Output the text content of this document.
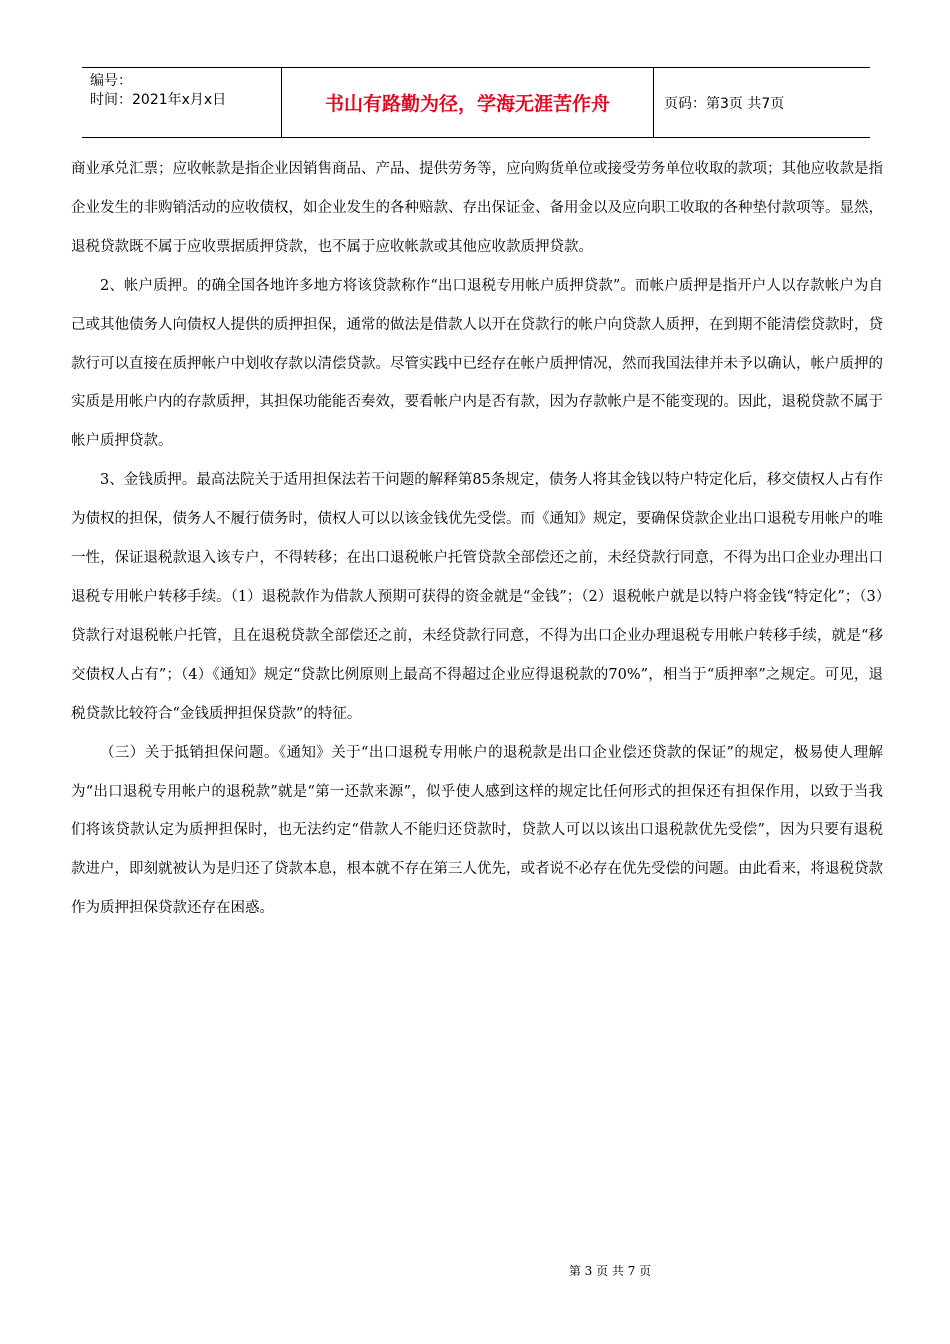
编号：
时间：2021年x月x日	书山有路勤为径，学海无涯苦作舟	页码：第3页 共7页

商业承兑汇票；应收帐款是指企业因销售商品、产品、提供劳务等，应向购货单位或接受劳务单位收取的款项；其他应收款是指企业发生的非购销活动的应收债权，如企业发生的各种赔款、存出保证金、备用金以及应向职工收取的各种垫付款项等。显然，退税贷款既不属于应收票据质押贷款，也不属于应收帐款或其他应收款质押贷款。

2、帐户质押。的确全国各地许多地方将该贷款称作“出口退税专用帐户质押贷款”。而帐户质押是指开户人以存款帐户为自己或其他债务人向债权人提供的质押担保，通常的做法是借款人以开在贷款行的帐户向贷款人质押，在到期不能清偿贷款时，贷款行可以直接在质押帐户中划收存款以清偿贷款。尽管实践中已经存在帐户质押情况，然而我国法律并未予以确认，帐户质押的实质是用帐户内的存款质押，其担保功能能否奏效，要看帐户内是否有款，因为存款帐户是不能变现的。因此，退税贷款不属于帐户质押贷款。

3、金钱质押。最高法院关于适用担保法若干问题的解释第85条规定，债务人将其金钱以特户特定化后，移交债权人占有作为债权的担保，债务人不履行债务时，债权人可以以该金钱优先受偿。而《通知》规定，要确保贷款企业出口退税专用帐户的唯一性，保证退税款退入该专户，不得转移；在出口退税帐户托管贷款全部偿还之前，未经贷款行同意，不得为出口企业办理出口退税专用帐户转移手续。（1）退税款作为借款人预期可获得的资金就是“金钱”；（2）退税帐户就是以特户将金钱“特定化”；（3）贷款行对退税帐户托管，且在退税贷款全部偿还之前，未经贷款行同意，不得为出口企业办理退税专用帐户转移手续，就是“移交债权人占有”；（4）《通知》规定“贷款比例原则上最高不得超过企业应得退税款的70%”，相当于“质押率”之规定。可见，退税贷款比较符合“金钱质押担保贷款”的特征。

（三）关于抵销担保问题。《通知》关于“出口退税专用帐户的退税款是出口企业偿还贷款的保证”的规定，极易使人理解为“出口退税专用帐户的退税款”就是“第一还款来源”，似乎使人感到这样的规定比任何形式的担保还有担保作用，以致于当我们将该贷款认定为质押担保时，也无法约定“借款人不能归还贷款时，贷款人可以以该出口退税款优先受偿”，因为只要有退税款进户，即刻就被认为是归还了贷款本息，根本就不存在第三人优先，或者说不必存在优先受偿的问题。由此看来，将退税贷款作为质押担保贷款还存在困惑。

第 3 页 共 7 页
